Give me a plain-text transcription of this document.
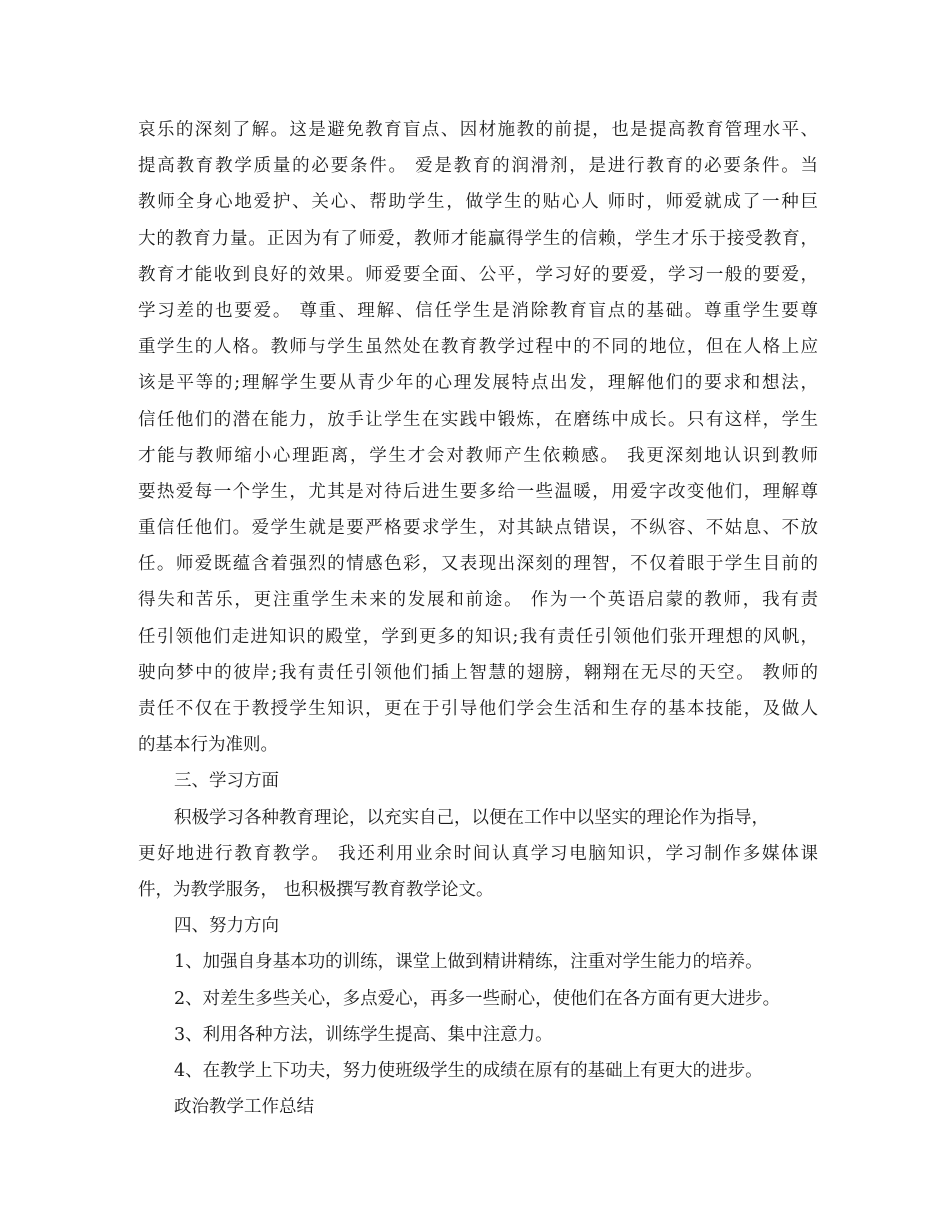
哀乐的深刻了解。这是避免教育盲点、因材施教的前提，也是提高教育管理水平、
提高教育教学质量的必要条件。 爱是教育的润滑剂，是进行教育的必要条件。当
教师全身心地爱护、关心、帮助学生，做学生的贴心人 师时，师爱就成了一种巨
大的教育力量。正因为有了师爱，教师才能赢得学生的信赖，学生才乐于接受教育，
教育才能收到良好的效果。师爱要全面、公平，学习好的要爱，学习一般的要爱，
学习差的也要爱。 尊重、理解、信任学生是消除教育盲点的基础。尊重学生要尊
重学生的人格。教师与学生虽然处在教育教学过程中的不同的地位，但在人格上应
该是平等的;理解学生要从青少年的心理发展特点出发，理解他们的要求和想法，
信任他们的潜在能力，放手让学生在实践中锻炼，在磨练中成长。只有这样，学生
才能与教师缩小心理距离，学生才会对教师产生依赖感。 我更深刻地认识到教师
要热爱每一个学生，尤其是对待后进生要多给一些温暖，用爱字改变他们，理解尊
重信任他们。爱学生就是要严格要求学生，对其缺点错误，不纵容、不姑息、不放
任。师爱既蕴含着强烈的情感色彩，又表现出深刻的理智，不仅着眼于学生目前的
得失和苦乐，更注重学生未来的发展和前途。 作为一个英语启蒙的教师，我有责
任引领他们走进知识的殿堂，学到更多的知识;我有责任引领他们张开理想的风帆，
驶向梦中的彼岸;我有责任引领他们插上智慧的翅膀，翱翔在无尽的天空。 教师的
责任不仅在于教授学生知识，更在于引导他们学会生活和生存的基本技能，及做人
的基本行为准则。
三、学习方面
积极学习各种教育理论，以充实自己，以便在工作中以坚实的理论作为指导，
更好地进行教育教学。 我还利用业余时间认真学习电脑知识，学习制作多媒体课
件，为教学服务， 也积极撰写教育教学论文。
四、努力方向
1、加强自身基本功的训练，课堂上做到精讲精练，注重对学生能力的培养。
2、对差生多些关心，多点爱心，再多一些耐心，使他们在各方面有更大进步。
3、利用各种方法，训练学生提高、集中注意力。
4、在教学上下功夫，努力使班级学生的成绩在原有的基础上有更大的进步。
政治教学工作总结
